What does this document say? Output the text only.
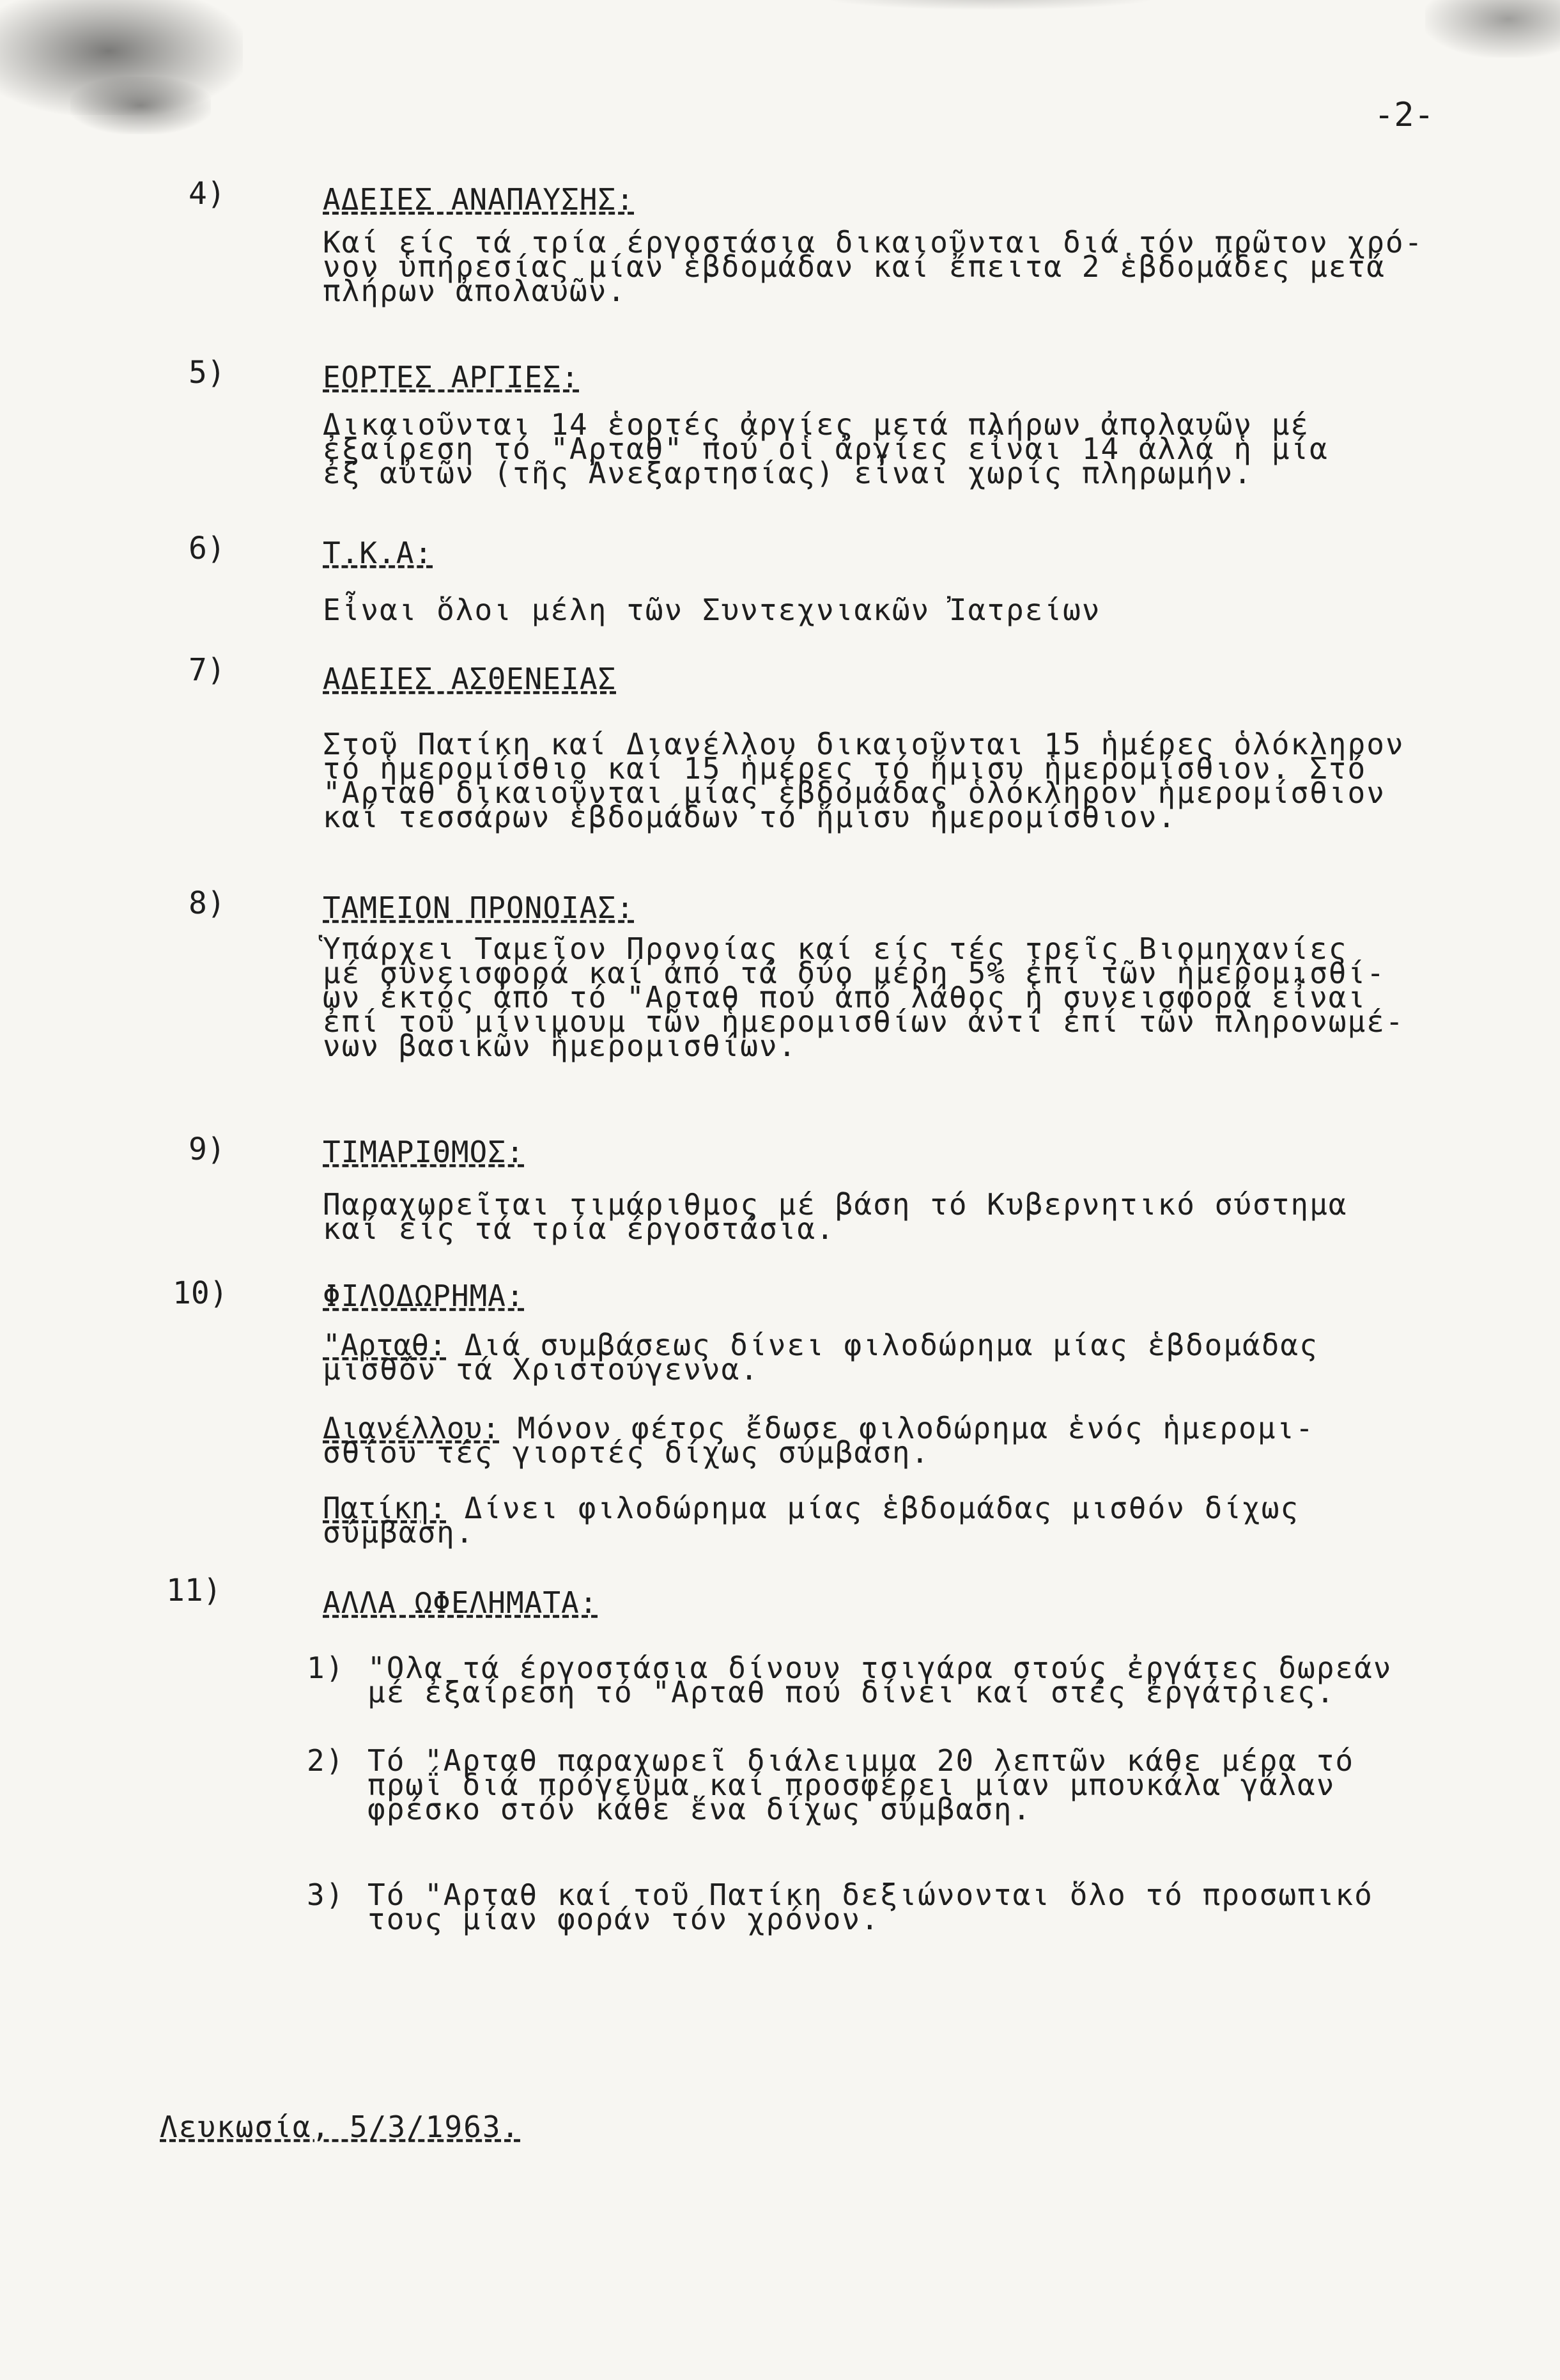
-2-
4)	ΑΔΕΙΕΣ ΑΝΑΠΑΥΣΗΣ:
Καί είς τά τρία έργοστάσια δικαιοῦνται διά τόν πρῶτον χρό-
νον ὑπηρεσίας μίαν ἑβδομάδαν καί ἔπειτα 2 ἑβδομάδες μετά
πλήρων ἀπολαυῶν.
5)	ΕΟΡΤΕΣ ΑΡΓΙΕΣ:
Δικαιοῦνται 14 ἑορτές ἀργίες μετά πλήρων ἀπολαυῶν μέ
ἐξαίρεση τό "Αρταθ" πού οἱ ἀργίες εἶναι 14 ἀλλά ἡ μία
ἐξ αὐτῶν (τῆς Ἀνεξαρτησίας) εἶναι χωρίς πληρωμήν.
6)	Τ.Κ.Α:
Εἶναι ὅλοι μέλη τῶν Συντεχνιακῶν Ἰατρείων
7)	ΑΔΕΙΕΣ ΑΣΘΕΝΕΙΑΣ
Στοῦ Πατίκη καί Διανέλλου δικαιοῦνται 15 ἡμέρες ὁλόκληρον
τό ἡμερομίσθιο καί 15 ἡμέρες τό ἥμισυ ἡμερομίσθιον. Στό
"Αρταθ δικαιοῦνται μίας ἑβδομάδας ὁλόκληρον ἡμερομίσθιον
καί τεσσάρων ἑβδομάδων τό ἥμισυ ἡμερομίσθιον.
8)	ΤΑΜΕΙΟΝ ΠΡΟΝΟΙΑΣ:
Ὑπάρχει Ταμεῖον Προνοίας καί είς τές τρεῖς Βιομηχανίες
μέ συνεισφορά καί ἀπό τά δύο μέρη 5% ἐπί τῶν ἡμερομισθί-
ων ἐκτός ἀπό τό "Αρταθ πού ἀπό λάθος ἡ συνεισφορά εἶναι
ἐπί τοῦ μίνιμουμ τῶν ἡμερομισθίων ἀντί ἐπί τῶν πληρονωμέ-
νων βασικῶν ἡμερομισθίων.
9)	ΤΙΜΑΡΙΘΜΟΣ:
Παραχωρεῖται τιμάριθμος μέ βάση τό Κυβερνητικό σύστημα
καί είς τά τρία έργοστάσια.
10)	ΦΙΛΟΔΩΡΗΜΑ:
"Αρταθ: Διά συμβάσεως δίνει φιλοδώρημα μίας ἑβδομάδας
μισθόν τά Χριστούγεννα.
Διανέλλου: Μόνον φέτος ἔδωσε φιλοδώρημα ἑνός ἡμερομι-
σθίου τές γιορτές δίχως σύμβαση.
Πατίκη: Δίνει φιλοδώρημα μίας ἑβδομάδας μισθόν δίχως
σύμβαση.
11)	ΑΛΛΑ ΩΦΕΛΗΜΑΤΑ:
1) "Ολα τά έργοστάσια δίνουν τσιγάρα στούς ἐργάτες δωρεάν
μέ ἐξαίρεση τό "Αρταθ πού δίνει καί στές ἐργάτριες.
2) Τό "Αρταθ παραχωρεῖ διάλειμμα 20 λεπτῶν κάθε μέρα τό
πρωΐ διά πρόγευμα καί προσφέρει μίαν μπουκάλα γάλαν
φρέσκο στόν κάθε ἕνα δίχως σύμβαση.
3) Τό "Αρταθ καί τοῦ Πατίκη δεξιώνονται ὅλο τό προσωπικό
τους μίαν φοράν τόν χρόνον.
Λευκωσία, 5/3/1963.
